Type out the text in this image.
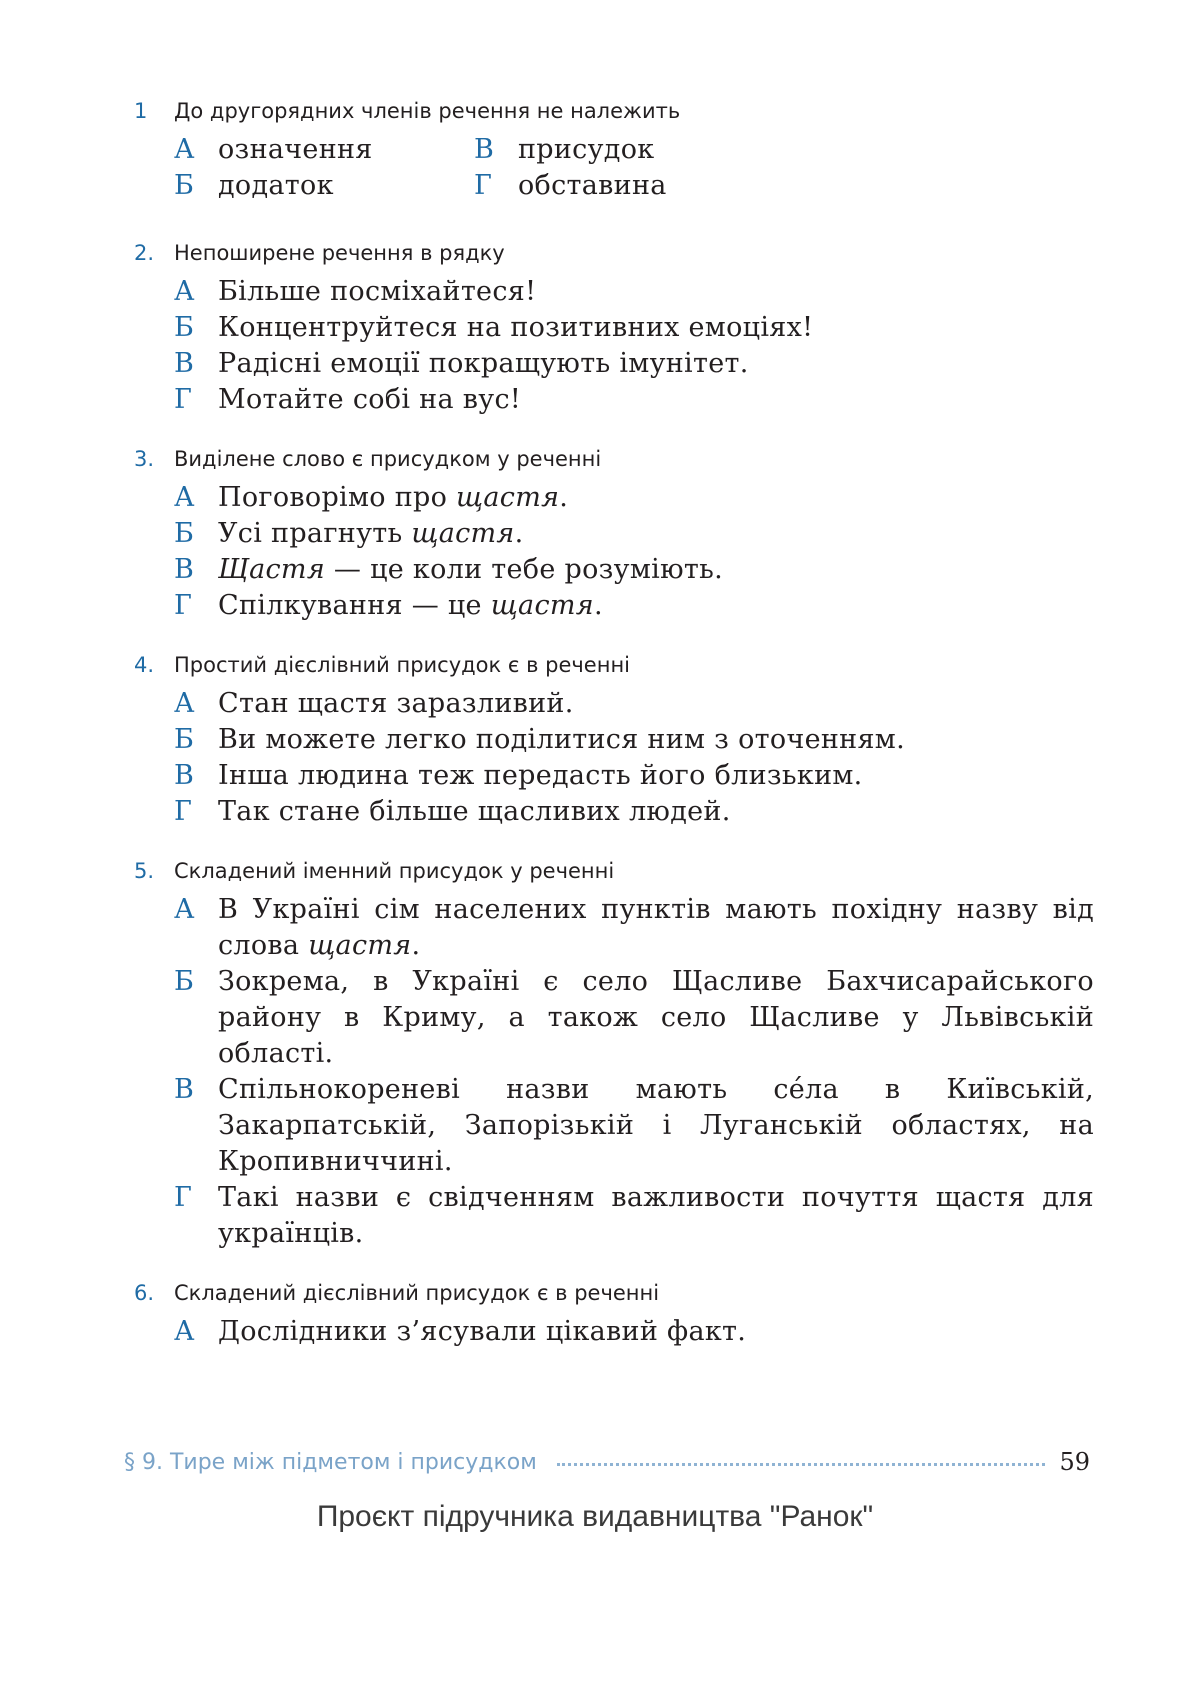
1 До другорядних членів речення не належить
А означення	В присудок
Б додаток	Г обставина
2. Непоширене речення в рядку
А Більше посміхайтеся!
Б Концентруйтеся на позитивних емоціях!
В Радісні емоції покращують імунітет.
Г Мотайте собі на вус!
3. Виділене слово є присудком у реченні
А Поговорімо про щастя.
Б Усі прагнуть щастя.
В Щастя — це коли тебе розуміють.
Г Спілкування — це щастя.
4. Простий дієслівний присудок є в реченні
А Стан щастя заразливий.
Б Ви можете легко поділитися ним з оточенням.
В Інша людина теж передасть його близьким.
Г Так стане більше щасливих людей.
5. Складений іменний присудок у реченні
А В Україні сім населених пунктів мають похідну назву від слова щастя.
Б Зокрема, в Україні є село Щасливе Бахчисарайського району в Криму, а також село Щасливе у Львівській області.
В Спільнокореневі назви мають се́ла в Київській, Закарпатській, Запорізькій і Луганській областях, на Кропивниччині.
Г Такі назви є свідченням важливости почуття щастя для українців.
6. Складений дієслівний присудок є в реченні
А Дослідники з’ясували цікавий факт.
§ 9. Тире між підметом і присудком	59
Проєкт підручника видавництва "Ранок"
